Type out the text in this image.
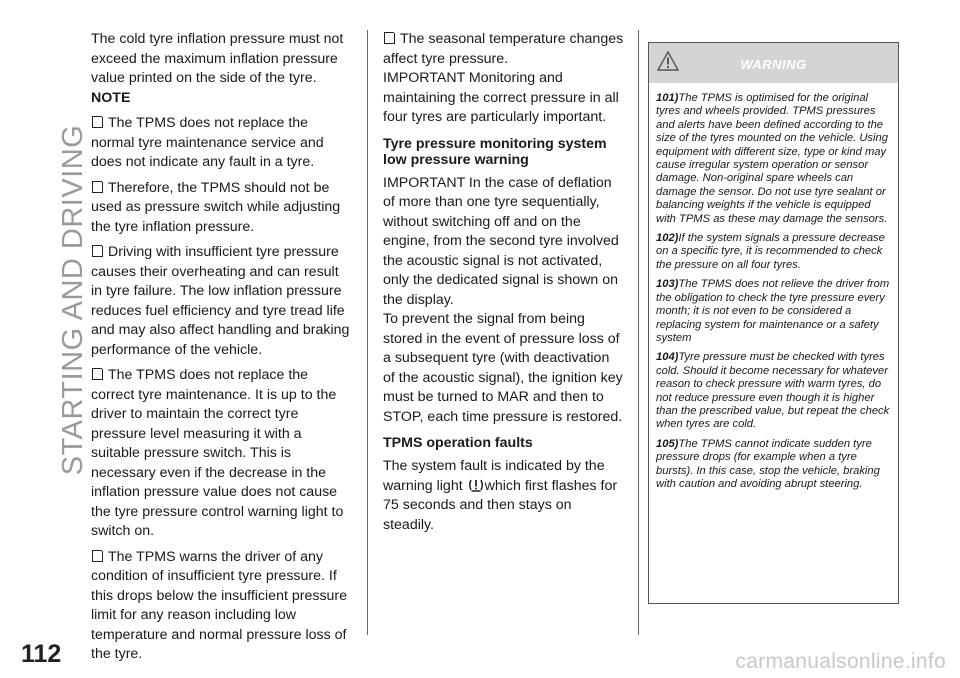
STARTING AND DRIVING
112	carmanualsonline.info

The cold tyre inflation pressure must not exceed the maximum inflation pressure value printed on the side of the tyre.

NOTE

The TPMS does not replace the normal tyre maintenance service and does not indicate any fault in a tyre.

Therefore, the TPMS should not be used as pressure switch while adjusting the tyre inflation pressure.

Driving with insufficient tyre pressure causes their overheating and can result in tyre failure. The low inflation pressure reduces fuel efficiency and tyre tread life and may also affect handling and braking performance of the vehicle.

The TPMS does not replace the correct tyre maintenance. It is up to the driver to maintain the correct tyre pressure level measuring it with a suitable pressure switch. This is necessary even if the decrease in the inflation pressure value does not cause the tyre pressure control warning light to switch on.

The TPMS warns the driver of any condition of insufficient tyre pressure. If this drops below the insufficient pressure limit for any reason including low temperature and normal pressure loss of the tyre.

The seasonal temperature changes affect tyre pressure.

IMPORTANT Monitoring and maintaining the correct pressure in all four tyres are particularly important.

Tyre pressure monitoring system low pressure warning

IMPORTANT In the case of deflation of more than one tyre sequentially, without switching off and on the engine, from the second tyre involved the acoustic signal is not activated, only the dedicated signal is shown on the display.

To prevent the signal from being stored in the event of pressure loss of a subsequent tyre (with deactivation of the acoustic signal), the ignition key must be turned to MAR and then to STOP, each time pressure is restored.

TPMS operation faults

The system fault is indicated by the warning light which first flashes for 75 seconds and then stays on steadily.

WARNING

101)The TPMS is optimised for the original tyres and wheels provided. TPMS pressures and alerts have been defined according to the size of the tyres mounted on the vehicle. Using equipment with different size, type or kind may cause irregular system operation or sensor damage. Non-original spare wheels can damage the sensor. Do not use tyre sealant or balancing weights if the vehicle is equipped with TPMS as these may damage the sensors.

102)If the system signals a pressure decrease on a specific tyre, it is recommended to check the pressure on all four tyres.

103)The TPMS does not relieve the driver from the obligation to check the tyre pressure every month; it is not even to be considered a replacing system for maintenance or a safety system

104)Tyre pressure must be checked with tyres cold. Should it become necessary for whatever reason to check pressure with warm tyres, do not reduce pressure even though it is higher than the prescribed value, but repeat the check when tyres are cold.

105)The TPMS cannot indicate sudden tyre pressure drops (for example when a tyre bursts). In this case, stop the vehicle, braking with caution and avoiding abrupt steering.
